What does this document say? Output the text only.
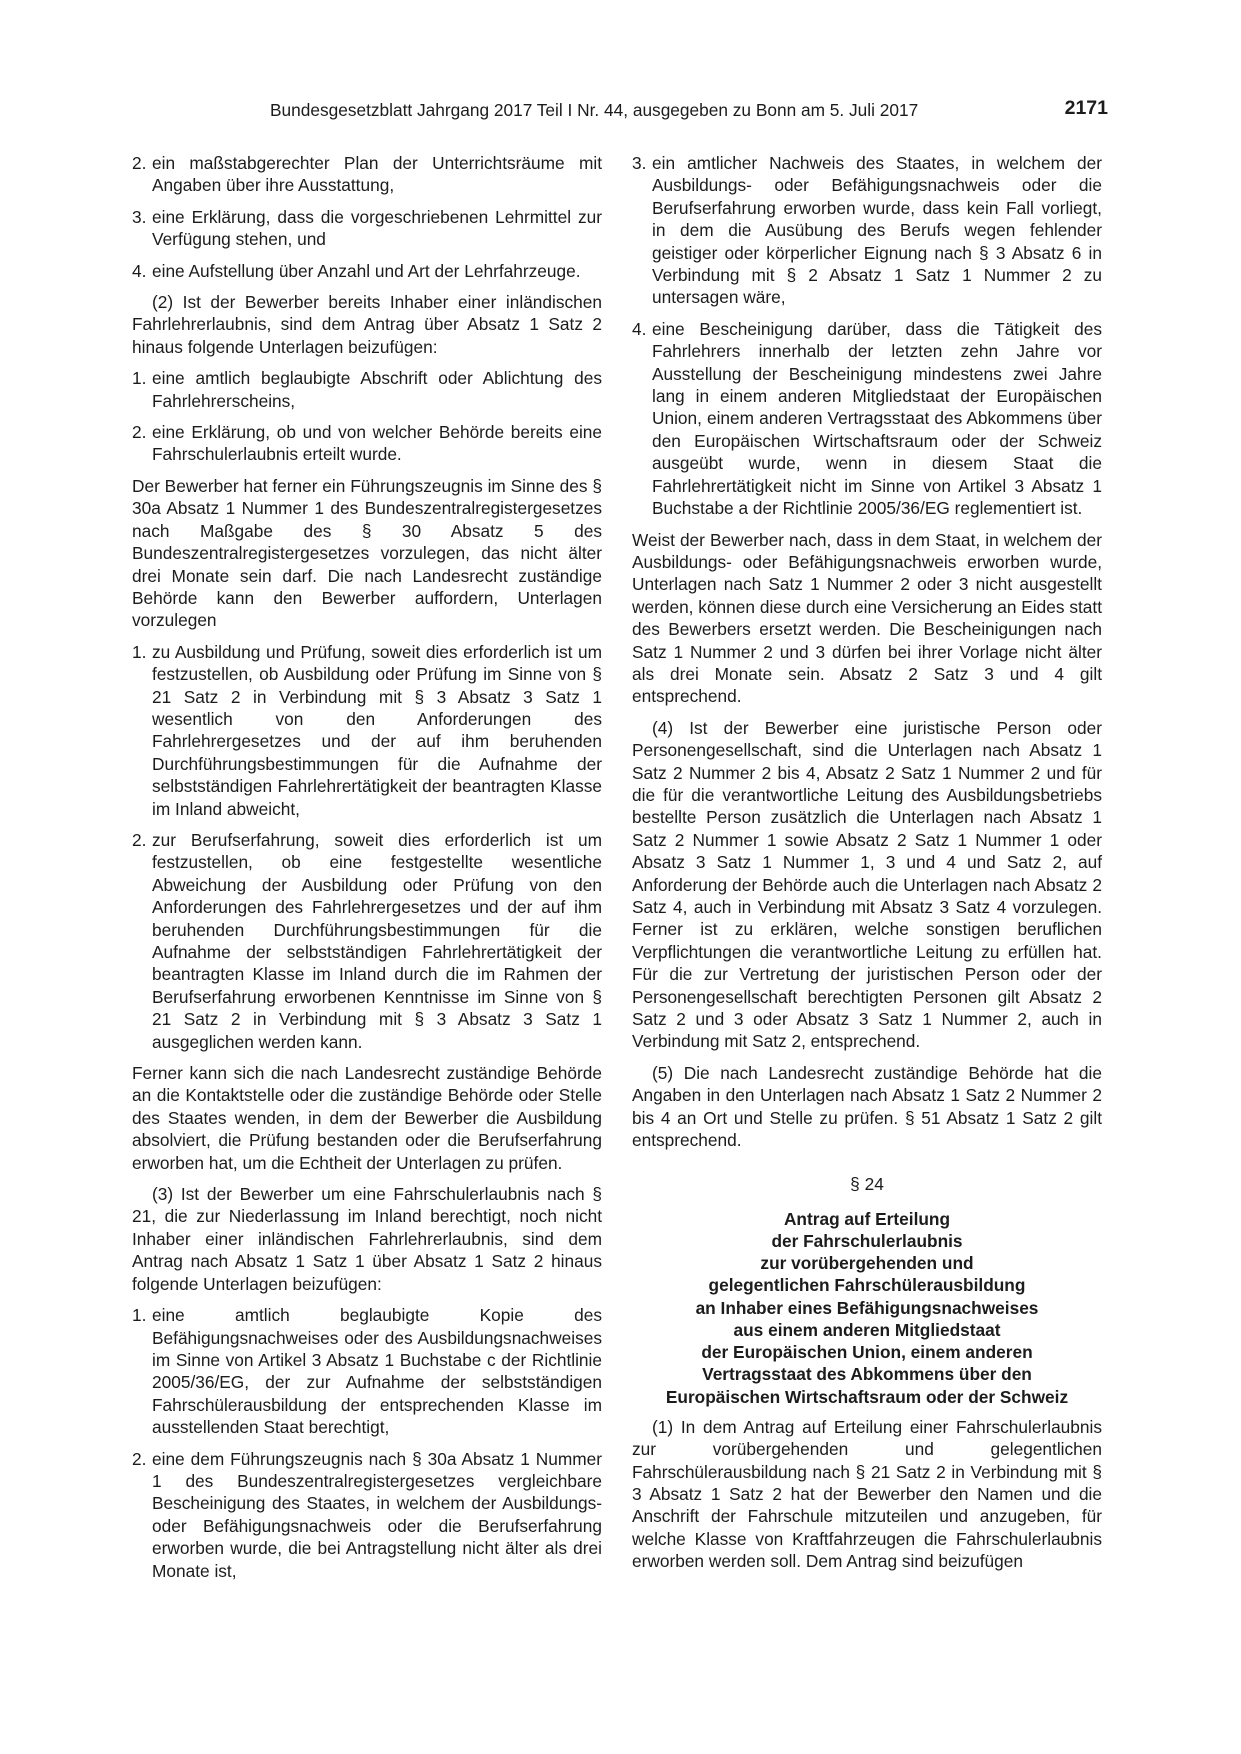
Bundesgesetzblatt Jahrgang 2017 Teil I Nr. 44, ausgegeben zu Bonn am 5. Juli 2017	2171
2. ein maßstabgerechter Plan der Unterrichtsräume mit Angaben über ihre Ausstattung,
3. eine Erklärung, dass die vorgeschriebenen Lehrmittel zur Verfügung stehen, und
4. eine Aufstellung über Anzahl und Art der Lehrfahrzeuge.

(2) Ist der Bewerber bereits Inhaber einer inländischen Fahrlehrerlaubnis, sind dem Antrag über Absatz 1 Satz 2 hinaus folgende Unterlagen beizufügen:

1. eine amtlich beglaubigte Abschrift oder Ablichtung des Fahrlehrerscheins,
2. eine Erklärung, ob und von welcher Behörde bereits eine Fahrschulerlaubnis erteilt wurde.

Der Bewerber hat ferner ein Führungszeugnis im Sinne des § 30a Absatz 1 Nummer 1 des Bundeszentralregistergesetzes nach Maßgabe des § 30 Absatz 5 des Bundeszentralregistergesetzes vorzulegen, das nicht älter drei Monate sein darf. Die nach Landesrecht zuständige Behörde kann den Bewerber auffordern, Unterlagen vorzulegen

1. zu Ausbildung und Prüfung, soweit dies erforderlich ist um festzustellen, ob Ausbildung oder Prüfung im Sinne von § 21 Satz 2 in Verbindung mit § 3 Absatz 3 Satz 1 wesentlich von den Anforderungen des Fahrlehrergesetzes und der auf ihm beruhenden Durchführungsbestimmungen für die Aufnahme der selbstständigen Fahrlehrertätigkeit der beantragten Klasse im Inland abweicht,
2. zur Berufserfahrung, soweit dies erforderlich ist um festzustellen, ob eine festgestellte wesentliche Abweichung der Ausbildung oder Prüfung von den Anforderungen des Fahrlehrergesetzes und der auf ihm beruhenden Durchführungsbestimmungen für die Aufnahme der selbstständigen Fahrlehrertätigkeit der beantragten Klasse im Inland durch die im Rahmen der Berufserfahrung erworbenen Kenntnisse im Sinne von § 21 Satz 2 in Verbindung mit § 3 Absatz 3 Satz 1 ausgeglichen werden kann.

Ferner kann sich die nach Landesrecht zuständige Behörde an die Kontaktstelle oder die zuständige Behörde oder Stelle des Staates wenden, in dem der Bewerber die Ausbildung absolviert, die Prüfung bestanden oder die Berufserfahrung erworben hat, um die Echtheit der Unterlagen zu prüfen.

(3) Ist der Bewerber um eine Fahrschulerlaubnis nach § 21, die zur Niederlassung im Inland berechtigt, noch nicht Inhaber einer inländischen Fahrlehrerlaubnis, sind dem Antrag nach Absatz 1 Satz 1 über Absatz 1 Satz 2 hinaus folgende Unterlagen beizufügen:

1. eine amtlich beglaubigte Kopie des Befähigungsnachweises oder des Ausbildungsnachweises im Sinne von Artikel 3 Absatz 1 Buchstabe c der Richtlinie 2005/36/EG, der zur Aufnahme der selbstständigen Fahrschülerausbildung der entsprechenden Klasse im ausstellenden Staat berechtigt,
2. eine dem Führungszeugnis nach § 30a Absatz 1 Nummer 1 des Bundeszentralregistergesetzes vergleichbare Bescheinigung des Staates, in welchem der Ausbildungs- oder Befähigungsnachweis oder die Berufserfahrung erworben wurde, die bei Antragstellung nicht älter als drei Monate ist,
3. ein amtlicher Nachweis des Staates, in welchem der Ausbildungs- oder Befähigungsnachweis oder die Berufserfahrung erworben wurde, dass kein Fall vorliegt, in dem die Ausübung des Berufs wegen fehlender geistiger oder körperlicher Eignung nach § 3 Absatz 6 in Verbindung mit § 2 Absatz 1 Satz 1 Nummer 2 zu untersagen wäre,
4. eine Bescheinigung darüber, dass die Tätigkeit des Fahrlehrers innerhalb der letzten zehn Jahre vor Ausstellung der Bescheinigung mindestens zwei Jahre lang in einem anderen Mitgliedstaat der Europäischen Union, einem anderen Vertragsstaat des Abkommens über den Europäischen Wirtschaftsraum oder der Schweiz ausgeübt wurde, wenn in diesem Staat die Fahrlehrertätigkeit nicht im Sinne von Artikel 3 Absatz 1 Buchstabe a der Richtlinie 2005/36/EG reglementiert ist.

Weist der Bewerber nach, dass in dem Staat, in welchem der Ausbildungs- oder Befähigungsnachweis erworben wurde, Unterlagen nach Satz 1 Nummer 2 oder 3 nicht ausgestellt werden, können diese durch eine Versicherung an Eides statt des Bewerbers ersetzt werden. Die Bescheinigungen nach Satz 1 Nummer 2 und 3 dürfen bei ihrer Vorlage nicht älter als drei Monate sein. Absatz 2 Satz 3 und 4 gilt entsprechend.

(4) Ist der Bewerber eine juristische Person oder Personengesellschaft, sind die Unterlagen nach Absatz 1 Satz 2 Nummer 2 bis 4, Absatz 2 Satz 1 Nummer 2 und für die für die verantwortliche Leitung des Ausbildungsbetriebs bestellte Person zusätzlich die Unterlagen nach Absatz 1 Satz 2 Nummer 1 sowie Absatz 2 Satz 1 Nummer 1 oder Absatz 3 Satz 1 Nummer 1, 3 und 4 und Satz 2, auf Anforderung der Behörde auch die Unterlagen nach Absatz 2 Satz 4, auch in Verbindung mit Absatz 3 Satz 4 vorzulegen. Ferner ist zu erklären, welche sonstigen beruflichen Verpflichtungen die verantwortliche Leitung zu erfüllen hat. Für die zur Vertretung der juristischen Person oder der Personengesellschaft berechtigten Personen gilt Absatz 2 Satz 2 und 3 oder Absatz 3 Satz 1 Nummer 2, auch in Verbindung mit Satz 2, entsprechend.

(5) Die nach Landesrecht zuständige Behörde hat die Angaben in den Unterlagen nach Absatz 1 Satz 2 Nummer 2 bis 4 an Ort und Stelle zu prüfen. § 51 Absatz 1 Satz 2 gilt entsprechend.

§ 24
Antrag auf Erteilung
der Fahrschulerlaubnis
zur vorübergehenden und
gelegentlichen Fahrschülerausbildung
an Inhaber eines Befähigungsnachweises
aus einem anderen Mitgliedstaat
der Europäischen Union, einem anderen
Vertragsstaat des Abkommens über den
Europäischen Wirtschaftsraum oder der Schweiz

(1) In dem Antrag auf Erteilung einer Fahrschulerlaubnis zur vorübergehenden und gelegentlichen Fahrschülerausbildung nach § 21 Satz 2 in Verbindung mit § 3 Absatz 1 Satz 2 hat der Bewerber den Namen und die Anschrift der Fahrschule mitzuteilen und anzugeben, für welche Klasse von Kraftfahrzeugen die Fahrschulerlaubnis erworben werden soll. Dem Antrag sind beizufügen
